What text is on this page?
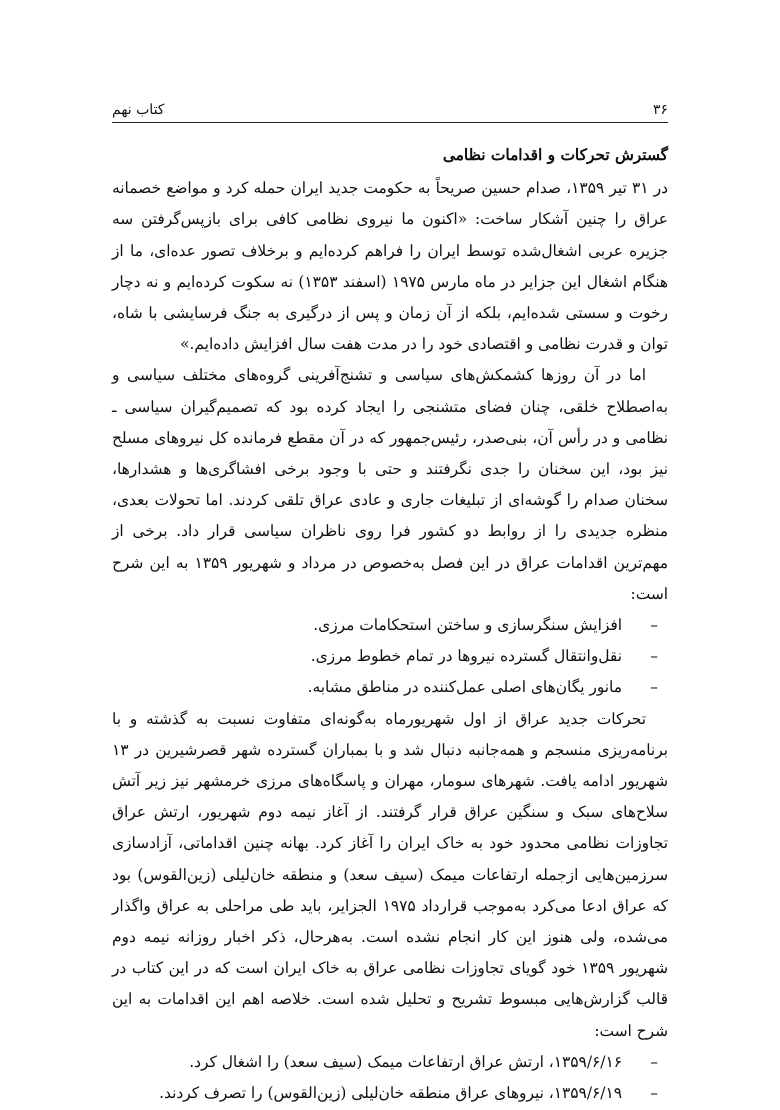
۳۶
کتاب نهم
گسترش تحرکات و اقدامات نظامی

در ۳۱ تیر ۱۳۵۹، صدام حسین صریحاً به حکومت جدید ایران حمله کرد و مواضع خصمانه عراق را چنین آشکار ساخت: «اکنون ما نیروی نظامی کافی برای بازپس‌گرفتن سه جزیره عربی اشغال‌شده توسط ایران را فراهم کرده‌ایم و برخلاف تصور عده‌ای، ما از هنگام اشغال این جزایر در ماه مارس ۱۹۷۵ (اسفند ۱۳۵۳) نه سکوت کرده‌ایم و نه دچار رخوت و سستی شده‌ایم، بلکه از آن زمان و پس از درگیری به جنگ فرسایشی با شاه، توان و قدرت نظامی و اقتصادی خود را در مدت هفت سال افزایش داده‌ایم.»

اما در آن روزها کشمکش‌های سیاسی و تشنج‌آفرینی گروه‌های مختلف سیاسی و به‌اصطلاح خلقی، چنان فضای متشنجی را ایجاد کرده بود که تصمیم‌گیران سیاسی ـ نظامی و در رأس آن، بنی‌صدر، رئیس‌جمهور که در آن مقطع فرمانده کل نیروهای مسلح نیز بود، این سخنان را جدی نگرفتند و حتی با وجود برخی افشاگری‌ها و هشدارها، سخنان صدام را گوشه‌ای از تبلیغات جاری و عادی عراق تلقی کردند. اما تحولات بعدی، منظره جدیدی را از روابط دو کشور فرا روی ناظران سیاسی قرار داد. برخی از مهم‌ترین اقدامات عراق در این فصل به‌خصوص در مرداد و شهریور ۱۳۵۹ به این شرح است:

–
افزایش سنگرسازی و ساختن استحکامات مرزی.
–
نقل‌وانتقال گسترده نیروها در تمام خطوط مرزی.
–
مانور یگان‌های اصلی عمل‌کننده در مناطق مشابه.

تحرکات جدید عراق از اول شهریورماه به‌گونه‌ای متفاوت نسبت به گذشته و با برنامه‌ریزی منسجم و همه‌جانبه دنبال شد و با بمباران گسترده شهر قصرشیرین در ۱۳ شهریور ادامه یافت. شهرهای سومار، مهران و پاسگاه‌های مرزی خرمشهر نیز زیر آتش سلاح‌های سبک و سنگین عراق قرار گرفتند. از آغاز نیمه دوم شهریور، ارتش عراق تجاوزات نظامی محدود خود به خاک ایران را آغاز کرد. بهانه چنین اقداماتی، آزادسازی سرزمین‌هایی ازجمله ارتفاعات میمک (سیف سعد) و منطقه خان‌لیلی (زین‌القوس) بود که عراق ادعا می‌کرد به‌موجب قرارداد ۱۹۷۵ الجزایر، باید طی مراحلی به عراق واگذار می‌شده، ولی هنوز این کار انجام نشده است. به‌هرحال، ذکر اخبار روزانه نیمه دوم شهریور ۱۳۵۹ خود گویای تجاوزات نظامی عراق به خاک ایران است که در این کتاب در قالب گزارش‌هایی مبسوط تشریح و تحلیل شده است. خلاصه اهم این اقدامات به این شرح است:

–
۱۳۵۹/۶/۱۶، ارتش عراق ارتفاعات میمک (سیف سعد) را اشغال کرد.
–
۱۳۵۹/۶/۱۹، نیروهای عراق منطقه خان‌لیلی (زین‌القوس) را تصرف کردند.
